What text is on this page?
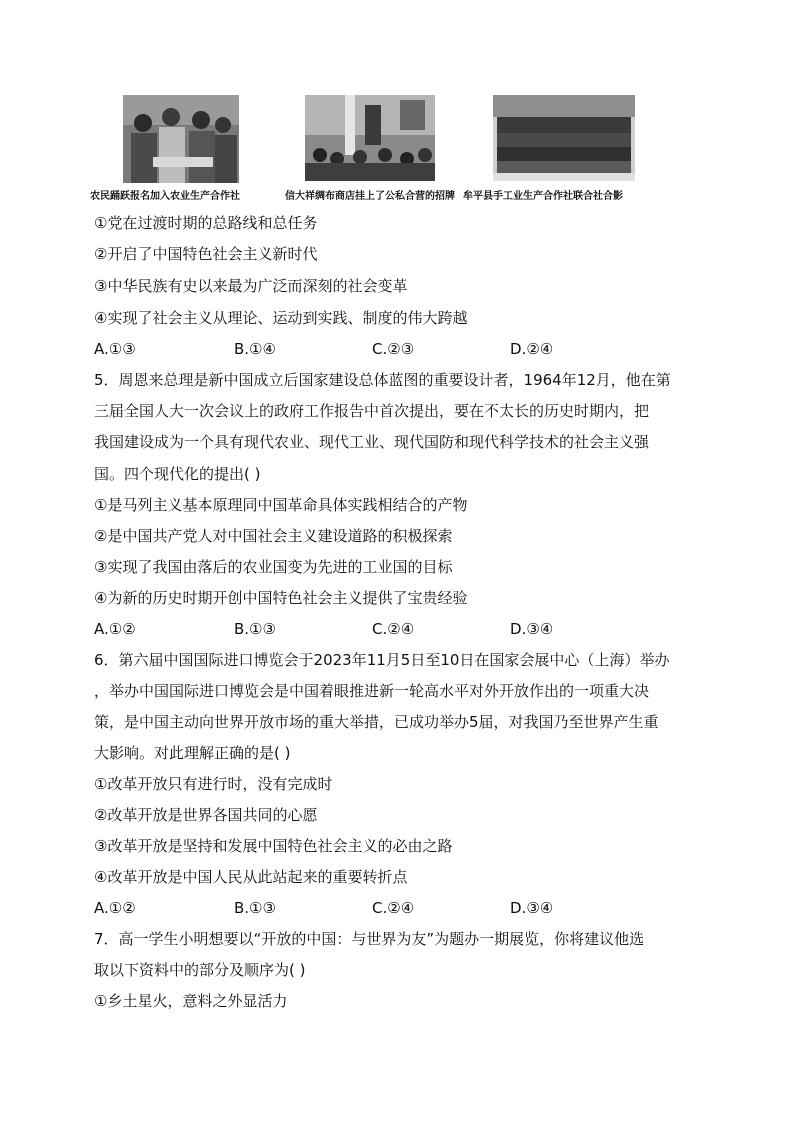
农民踊跃报名加入农业生产合作社	信大祥绸布商店挂上了公私合营的招牌 牟平县手工业生产合作社联合社合影
①党在过渡时期的总路线和总任务
②开启了中国特色社会主义新时代
③中华民族有史以来最为广泛而深刻的社会变革
④实现了社会主义从理论、运动到实践、制度的伟大跨越
A.①③	B.①④	C.②③	D.②④
5．周恩来总理是新中国成立后国家建设总体蓝图的重要设计者，1964年12月，他在第
三届全国人大一次会议上的政府工作报告中首次提出，要在不太长的历史时期内，把
我国建设成为一个具有现代农业、现代工业、现代国防和现代科学技术的社会主义强
国。四个现代化的提出( )
①是马列主义基本原理同中国革命具体实践相结合的产物
②是中国共产党人对中国社会主义建设道路的积极探索
③实现了我国由落后的农业国变为先进的工业国的目标
④为新的历史时期开创中国特色社会主义提供了宝贵经验
A.①②	B.①③	C.②④	D.③④
6．第六届中国国际进口博览会于2023年11月5日至10日在国家会展中心（上海）举办
，举办中国国际进口博览会是中国着眼推进新一轮高水平对外开放作出的一项重大决
策，是中国主动向世界开放市场的重大举措，已成功举办5届，对我国乃至世界产生重
大影响。对此理解正确的是( )
①改革开放只有进行时，没有完成时
②改革开放是世界各国共同的心愿
③改革开放是坚持和发展中国特色社会主义的必由之路
④改革开放是中国人民从此站起来的重要转折点
A.①②	B.①③	C.②④	D.③④
7．高一学生小明想要以“开放的中国：与世界为友”为题办一期展览，你将建议他选
取以下资料中的部分及顺序为( )
①乡土星火，意料之外显活力
